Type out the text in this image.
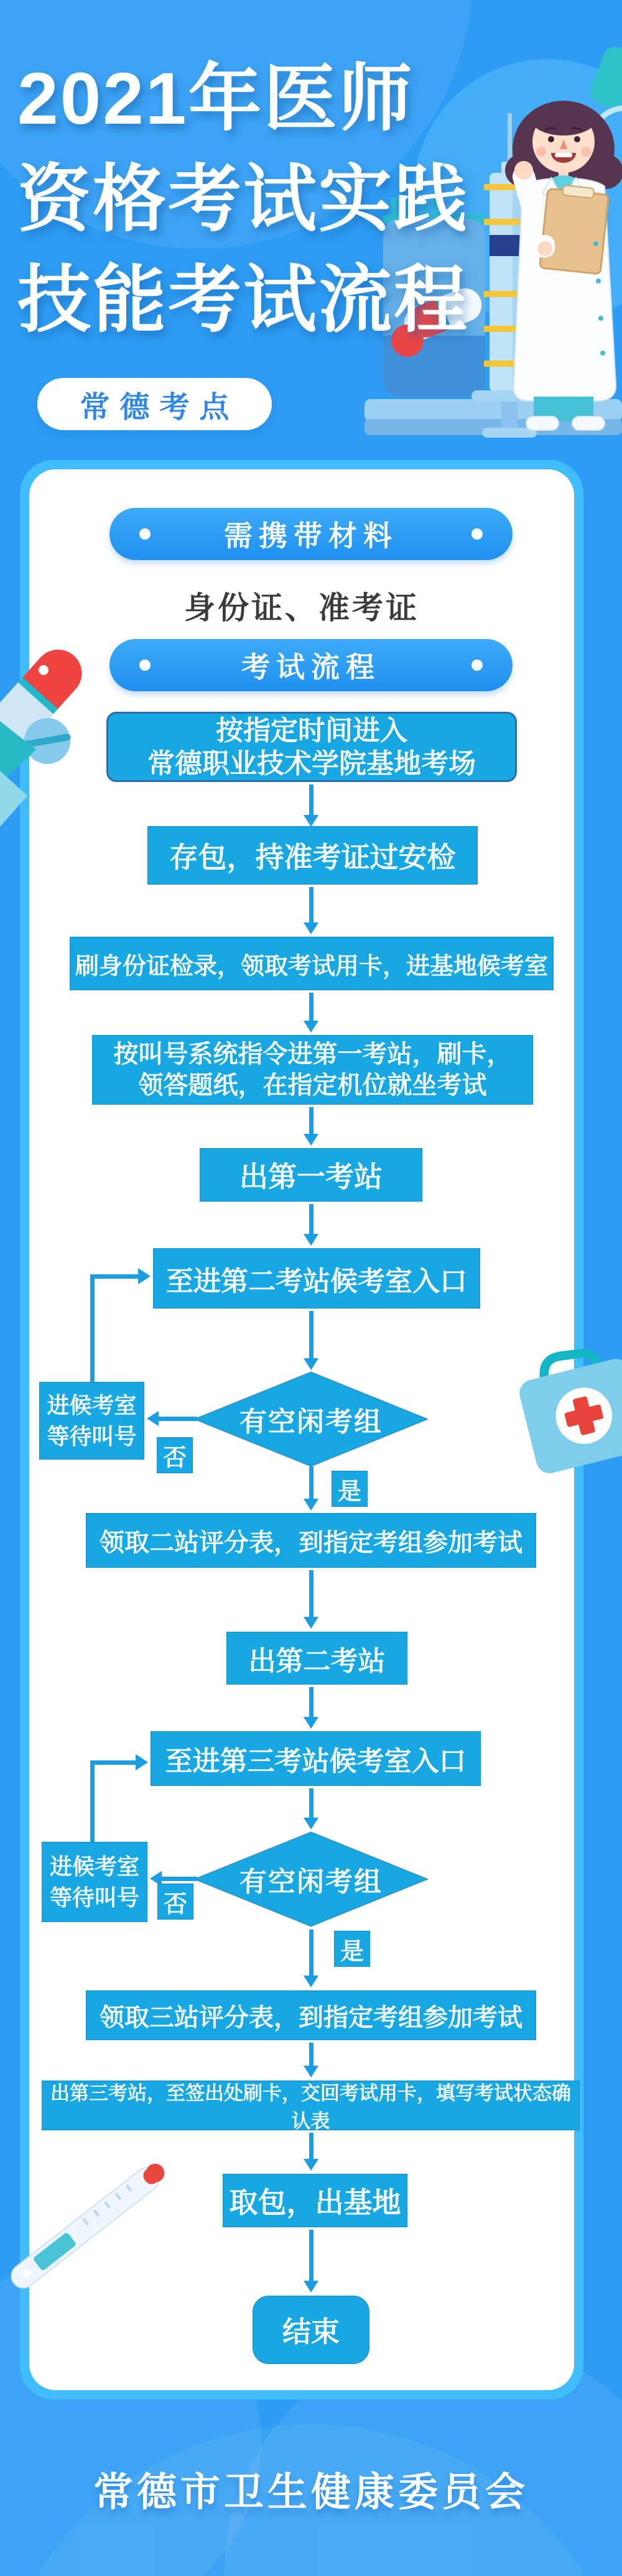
2021年医师
资格考试实践
技能考试流程
常德考点
需携带材料
身份证、准考证
考试流程
按指定时间进入
常德职业技术学院基地考场
存包，持准考证过安检
刷身份证检录，领取考试用卡，进基地候考室
按叫号系统指令进第一考站，刷卡，
领答题纸，在指定机位就坐考试
出第一考站
至进第二考站候考室入口
有空闲考组
否
进候考室
等待叫号
是
领取二站评分表，到指定考组参加考试
出第二考站
至进第三考站候考室入口
有空闲考组
否
进候考室
等待叫号
是
领取三站评分表，到指定考组参加考试
出第三考站，至签出处刷卡，交回考试用卡，填写考试状态确认表
取包，出基地
结束
常德市卫生健康委员会
